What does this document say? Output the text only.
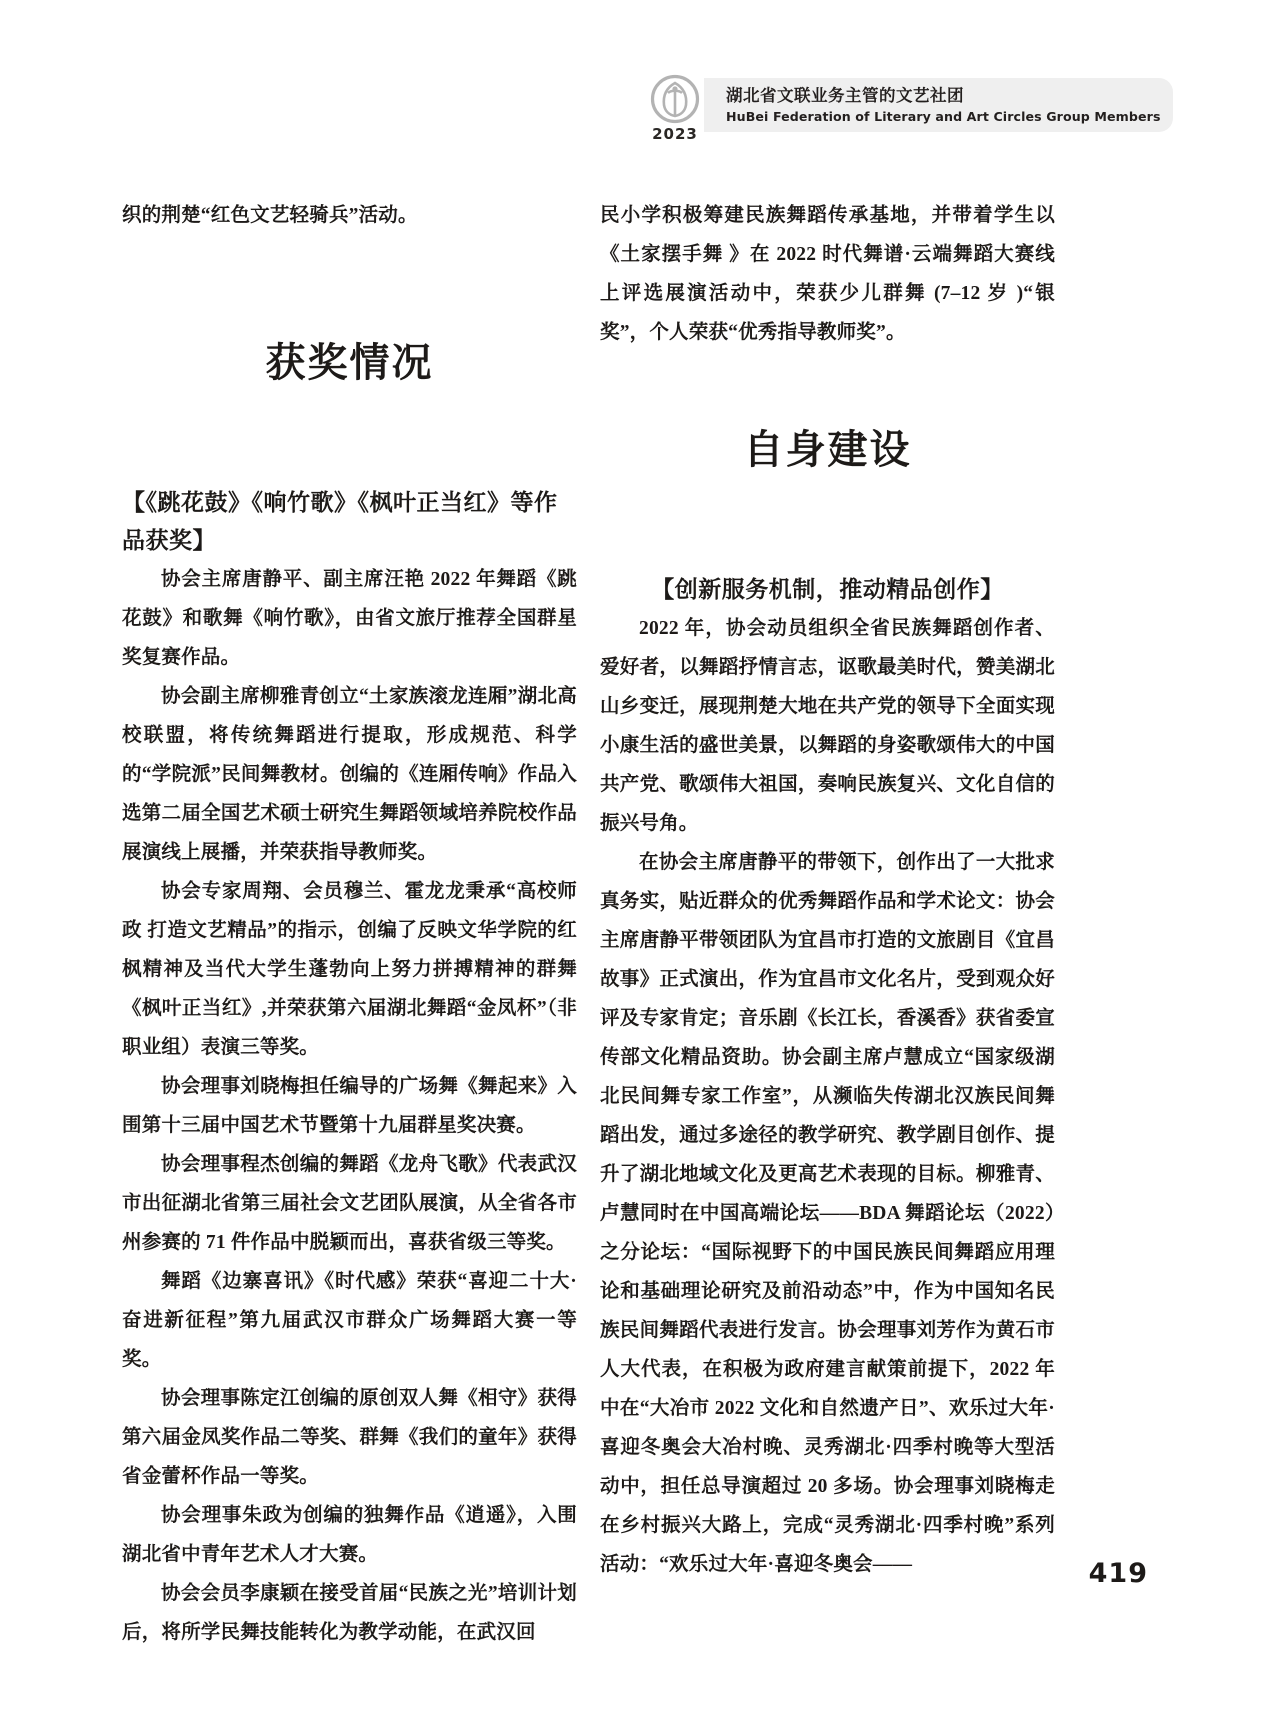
2023
湖北省文联业务主管的文艺社团
HuBei Federation of Literary and Art Circles Group Members

织的荆楚“红色文艺轻骑兵”活动。

获奖情况
【《跳花鼓》《响竹歌》《枫叶正当红》等作品获奖】

协会主席唐静平、副主席汪艳 2022 年舞蹈《跳花鼓》和歌舞《响竹歌》，由省文旅厅推荐全国群星奖复赛作品。

协会副主席柳雅青创立“土家族滚龙连厢”湖北高校联盟，将传统舞蹈进行提取，形成规范、科学的“学院派”民间舞教材。创编的《连厢传响》作品入选第二届全国艺术硕士研究生舞蹈领域培养院校作品展演线上展播，并荣获指导教师奖。

协会专家周翔、会员穆兰、霍龙龙秉承“高校师政 打造文艺精品”的指示，创编了反映文华学院的红枫精神及当代大学生蓬勃向上努力拼搏精神的群舞《枫叶正当红》,并荣获第六届湖北舞蹈“金凤杯”（非职业组）表演三等奖。

协会理事刘晓梅担任编导的广场舞《舞起来》入围第十三届中国艺术节暨第十九届群星奖决赛。

协会理事程杰创编的舞蹈《龙舟飞歌》代表武汉市出征湖北省第三届社会文艺团队展演，从全省各市州参赛的 71 件作品中脱颖而出，喜获省级三等奖。

舞蹈《边寨喜讯》《时代感》荣获“喜迎二十大·奋进新征程”第九届武汉市群众广场舞蹈大赛一等奖。

协会理事陈定江创编的原创双人舞《相守》获得第六届金凤奖作品二等奖、群舞《我们的童年》获得省金蕾杯作品一等奖。

协会理事朱政为创编的独舞作品《逍遥》，入围湖北省中青年艺术人才大赛。

协会会员李康颖在接受首届“民族之光”培训计划后，将所学民舞技能转化为教学动能，在武汉回

民小学积极筹建民族舞蹈传承基地，并带着学生以《土家摆手舞 》在 2022 时代舞谱·云端舞蹈大赛线上评选展演活动中，荣获少儿群舞 (7–12 岁 )“银奖”，个人荣获“优秀指导教师奖”。

自身建设
【创新服务机制，推动精品创作】

2022 年，协会动员组织全省民族舞蹈创作者、爱好者，以舞蹈抒情言志，讴歌最美时代，赞美湖北山乡变迁，展现荆楚大地在共产党的领导下全面实现小康生活的盛世美景，以舞蹈的身姿歌颂伟大的中国共产党、歌颂伟大祖国，奏响民族复兴、文化自信的振兴号角。

在协会主席唐静平的带领下，创作出了一大批求真务实，贴近群众的优秀舞蹈作品和学术论文：协会主席唐静平带领团队为宜昌市打造的文旅剧目《宜昌故事》正式演出，作为宜昌市文化名片，受到观众好评及专家肯定；音乐剧《长江长，香溪香》获省委宣传部文化精品资助。协会副主席卢慧成立“国家级湖北民间舞专家工作室”，从濒临失传湖北汉族民间舞蹈出发，通过多途径的教学研究、教学剧目创作、提升了湖北地域文化及更高艺术表现的目标。柳雅青、卢慧同时在中国高端论坛——BDA 舞蹈论坛（2022）之分论坛：“国际视野下的中国民族民间舞蹈应用理论和基础理论研究及前沿动态”中，作为中国知名民族民间舞蹈代表进行发言。协会理事刘芳作为黄石市人大代表，在积极为政府建言献策前提下，2022 年中在“大冶市 2022 文化和自然遗产日”、欢乐过大年·喜迎冬奥会大冶村晚、灵秀湖北·四季村晚等大型活动中，担任总导演超过 20 多场。协会理事刘晓梅走在乡村振兴大路上，完成“灵秀湖北·四季村晚”系列活动：“欢乐过大年·喜迎冬奥会——	419
